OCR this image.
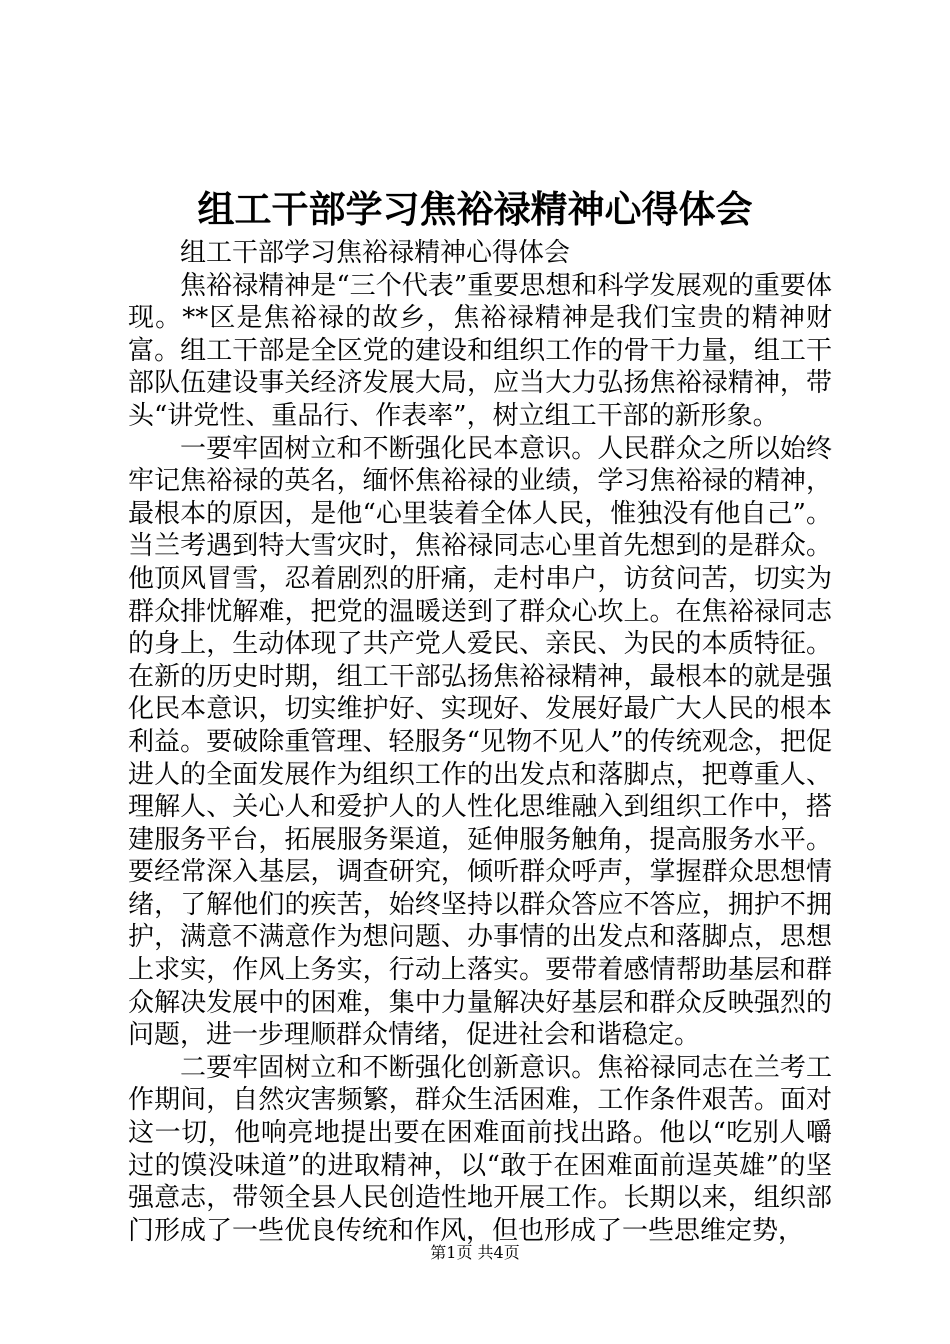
组工干部学习焦裕禄精神心得体会

组工干部学习焦裕禄精神心得体会

焦裕禄精神是“三个代表”重要思想和科学发展观的重要体现。**区是焦裕禄的故乡，焦裕禄精神是我们宝贵的精神财富。组工干部是全区党的建设和组织工作的骨干力量，组工干部队伍建设事关经济发展大局，应当大力弘扬焦裕禄精神，带头“讲党性、重品行、作表率”，树立组工干部的新形象。

一要牢固树立和不断强化民本意识。人民群众之所以始终牢记焦裕禄的英名，缅怀焦裕禄的业绩，学习焦裕禄的精神，最根本的原因，是他“心里装着全体人民，惟独没有他自己”。当兰考遇到特大雪灾时，焦裕禄同志心里首先想到的是群众。他顶风冒雪，忍着剧烈的肝痛，走村串户，访贫问苦，切实为群众排忧解难，把党的温暖送到了群众心坎上。在焦裕禄同志的身上，生动体现了共产党人爱民、亲民、为民的本质特征。在新的历史时期，组工干部弘扬焦裕禄精神，最根本的就是强化民本意识，切实维护好、实现好、发展好最广大人民的根本利益。要破除重管理、轻服务“见物不见人”的传统观念，把促进人的全面发展作为组织工作的出发点和落脚点，把尊重人、理解人、关心人和爱护人的人性化思维融入到组织工作中，搭建服务平台，拓展服务渠道，延伸服务触角，提高服务水平。要经常深入基层，调查研究，倾听群众呼声，掌握群众思想情绪，了解他们的疾苦，始终坚持以群众答应不答应，拥护不拥护，满意不满意作为想问题、办事情的出发点和落脚点，思想上求实，作风上务实，行动上落实。要带着感情帮助基层和群众解决发展中的困难，集中力量解决好基层和群众反映强烈的问题，进一步理顺群众情绪，促进社会和谐稳定。

二要牢固树立和不断强化创新意识。焦裕禄同志在兰考工作期间，自然灾害频繁，群众生活困难，工作条件艰苦。面对这一切，他响亮地提出要在困难面前找出路。他以“吃别人嚼过的馍没味道”的进取精神，以“敢于在困难面前逞英雄”的坚强意志，带领全县人民创造性地开展工作。长期以来，组织部门形成了一些优良传统和作风，但也形成了一些思维定势，

第1页 共4页
